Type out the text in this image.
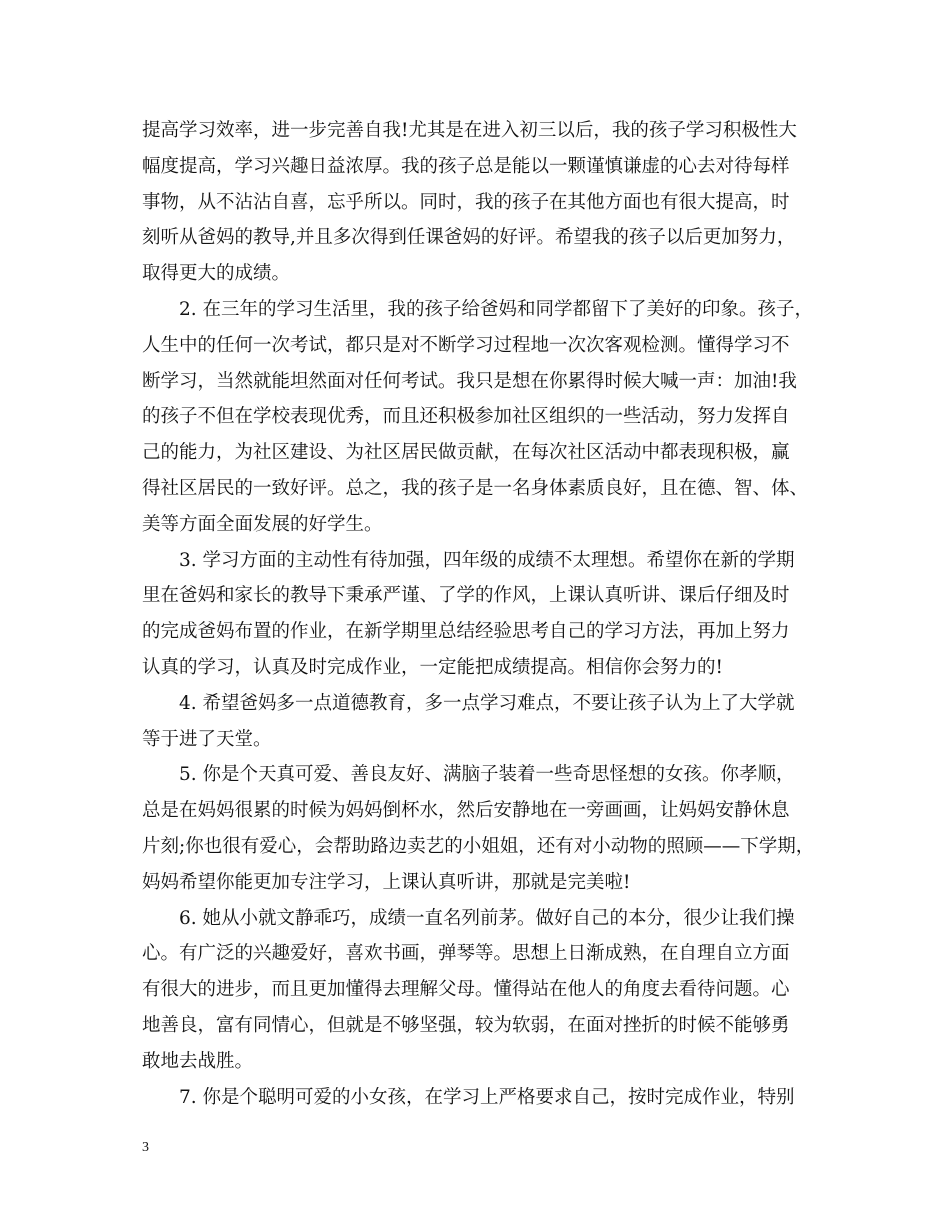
提高学习效率，进一步完善自我!尤其是在进入初三以后，我的孩子学习积极性大
幅度提高，学习兴趣日益浓厚。我的孩子总是能以一颗谨慎谦虚的心去对待每样
事物，从不沾沾自喜，忘乎所以。同时，我的孩子在其他方面也有很大提高，时
刻听从爸妈的教导,并且多次得到任课爸妈的好评。希望我的孩子以后更加努力，
取得更大的成绩。

2. 在三年的学习生活里，我的孩子给爸妈和同学都留下了美好的印象。孩子，
人生中的任何一次考试，都只是对不断学习过程地一次次客观检测。懂得学习不
断学习，当然就能坦然面对任何考试。我只是想在你累得时候大喊一声：加油!我
的孩子不但在学校表现优秀，而且还积极参加社区组织的一些活动，努力发挥自
己的能力，为社区建设、为社区居民做贡献，在每次社区活动中都表现积极，赢
得社区居民的一致好评。总之，我的孩子是一名身体素质良好，且在德、智、体、
美等方面全面发展的好学生。

3. 学习方面的主动性有待加强，四年级的成绩不太理想。希望你在新的学期
里在爸妈和家长的教导下秉承严谨、了学的作风，上课认真听讲、课后仔细及时
的完成爸妈布置的作业，在新学期里总结经验思考自己的学习方法，再加上努力
认真的学习，认真及时完成作业，一定能把成绩提高。相信你会努力的!

4. 希望爸妈多一点道德教育，多一点学习难点，不要让孩子认为上了大学就
等于进了天堂。

5. 你是个天真可爱、善良友好、满脑子装着一些奇思怪想的女孩。你孝顺，
总是在妈妈很累的时候为妈妈倒杯水，然后安静地在一旁画画，让妈妈安静休息
片刻;你也很有爱心，会帮助路边卖艺的小姐姐，还有对小动物的照顾——下学期，
妈妈希望你能更加专注学习，上课认真听讲，那就是完美啦!

6. 她从小就文静乖巧，成绩一直名列前茅。做好自己的本分，很少让我们操
心。有广泛的兴趣爱好，喜欢书画，弹琴等。思想上日渐成熟，在自理自立方面
有很大的进步，而且更加懂得去理解父母。懂得站在他人的角度去看待问题。心
地善良，富有同情心，但就是不够坚强，较为软弱，在面对挫折的时候不能够勇
敢地去战胜。

7. 你是个聪明可爱的小女孩，在学习上严格要求自己，按时完成作业，特别

3
